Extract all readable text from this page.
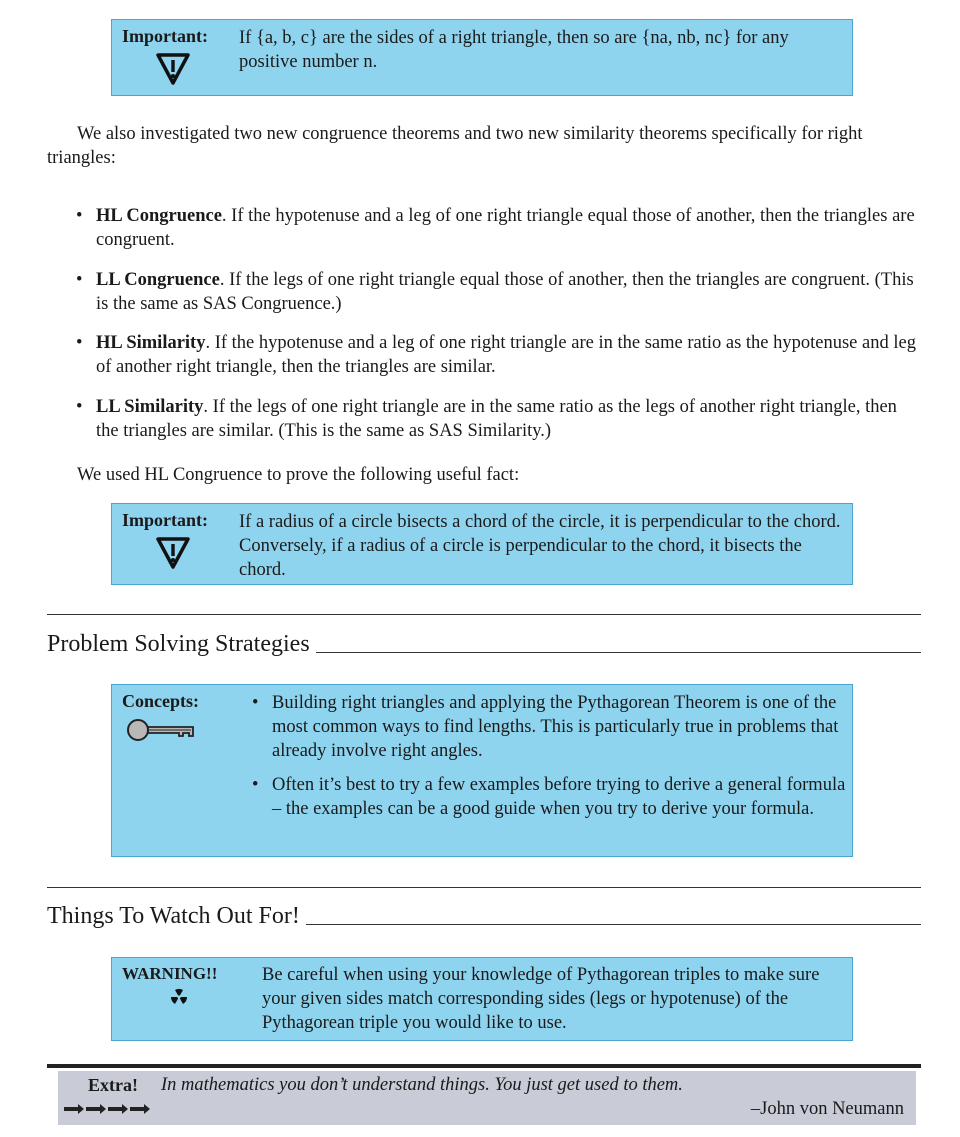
Important: If {a, b, c} are the sides of a right triangle, then so are {na, nb, nc} for any positive number n.

We also investigated two new congruence theorems and two new similarity theorems specifically for right triangles:

• HL Congruence. If the hypotenuse and a leg of one right triangle equal those of another, then the triangles are congruent.
• LL Congruence. If the legs of one right triangle equal those of another, then the triangles are congruent. (This is the same as SAS Congruence.)
• HL Similarity. If the hypotenuse and a leg of one right triangle are in the same ratio as the hypotenuse and leg of another right triangle, then the triangles are similar.
• LL Similarity. If the legs of one right triangle are in the same ratio as the legs of another right triangle, then the triangles are similar. (This is the same as SAS Similarity.)

We used HL Congruence to prove the following useful fact:

Important: If a radius of a circle bisects a chord of the circle, it is perpendicular to the chord. Conversely, if a radius of a circle is perpendicular to the chord, it bisects the chord.
Problem Solving Strategies
Concepts:	• Building right triangles and applying the Pythagorean Theorem is one of the most common ways to find lengths. This is particularly true in problems that already involve right angles.
• Often it’s best to try a few examples before trying to derive a general formula – the examples can be a good guide when you try to derive your formula.
Things To Watch Out For!
WARNING!! Be careful when using your knowledge of Pythagorean triples to make sure your given sides match corresponding sides (legs or hypotenuse) of the Pythagorean triple you would like to use.
Extra! In mathematics you don’t understand things. You just get used to them.
–John von Neumann
